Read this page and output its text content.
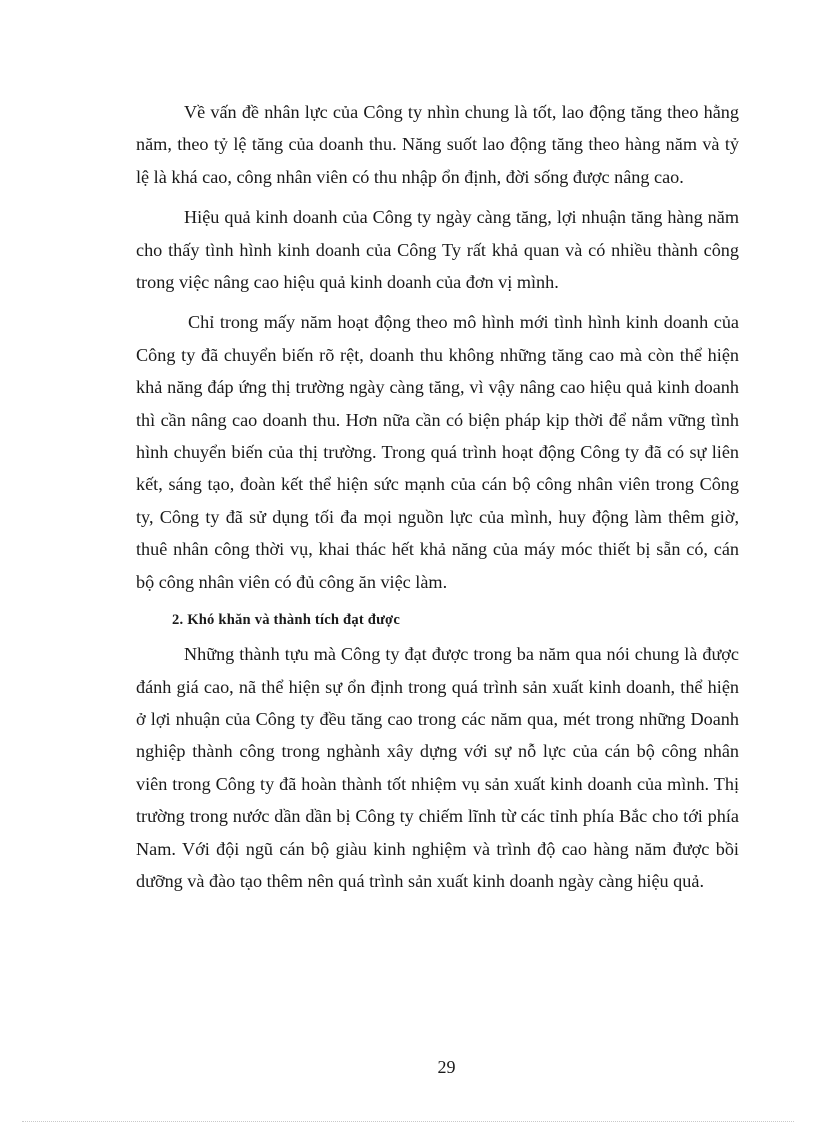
Về vấn đề nhân lực của Công ty nhìn chung là tốt, lao động tăng theo hằng năm, theo tỷ lệ tăng của doanh thu. Năng suốt lao động tăng theo hàng năm và tỷ lệ là khá cao, công nhân viên có thu nhập ổn định, đời sống được nâng cao.

Hiệu quả kinh doanh của Công ty ngày càng tăng, lợi nhuận tăng hàng năm cho thấy tình hình kinh doanh của Công Ty rất khả quan và có nhiều thành công trong việc nâng cao hiệu quả kinh doanh của đơn vị mình.

Chỉ trong mấy năm hoạt động theo mô hình mới tình hình kinh doanh của Công ty đã chuyển biến rõ rệt, doanh thu không những tăng cao mà còn thể hiện khả năng đáp ứng thị trường ngày càng tăng, vì vậy nâng cao hiệu quả kinh doanh thì cần nâng cao doanh thu. Hơn nữa cần có biện pháp kịp thời để nắm vững tình hình chuyển biến của thị trường. Trong quá trình hoạt động Công ty đã có sự liên kết, sáng tạo, đoàn kết thể hiện sức mạnh của cán bộ công nhân viên trong Công ty, Công ty đã sử dụng tối đa mọi nguồn lực của mình, huy động làm thêm giờ, thuê nhân công thời vụ, khai thác hết khả năng của máy móc thiết bị sẵn có, cán bộ công nhân viên có đủ công ăn việc làm.

2. Khó khăn và thành tích đạt được

Những thành tựu mà Công ty đạt được trong ba năm qua nói chung là được đánh giá cao, nã thể hiện sự ổn định trong quá trình sản xuất kinh doanh, thể hiện ở lợi nhuận của Công ty đều tăng cao trong các năm qua, mét trong những Doanh nghiệp thành công trong nghành xây dựng với sự nỗ lực của cán bộ công nhân viên trong Công ty đã hoàn thành tốt nhiệm vụ sản xuất kinh doanh của mình. Thị trường trong nước dần dần bị Công ty chiếm lĩnh từ các tỉnh phía Bắc cho tới phía Nam. Với đội ngũ cán bộ giàu kinh nghiệm và trình độ cao hàng năm được bồi dưỡng và đào tạo thêm nên quá trình sản xuất kinh doanh ngày càng hiệu quả.

29
